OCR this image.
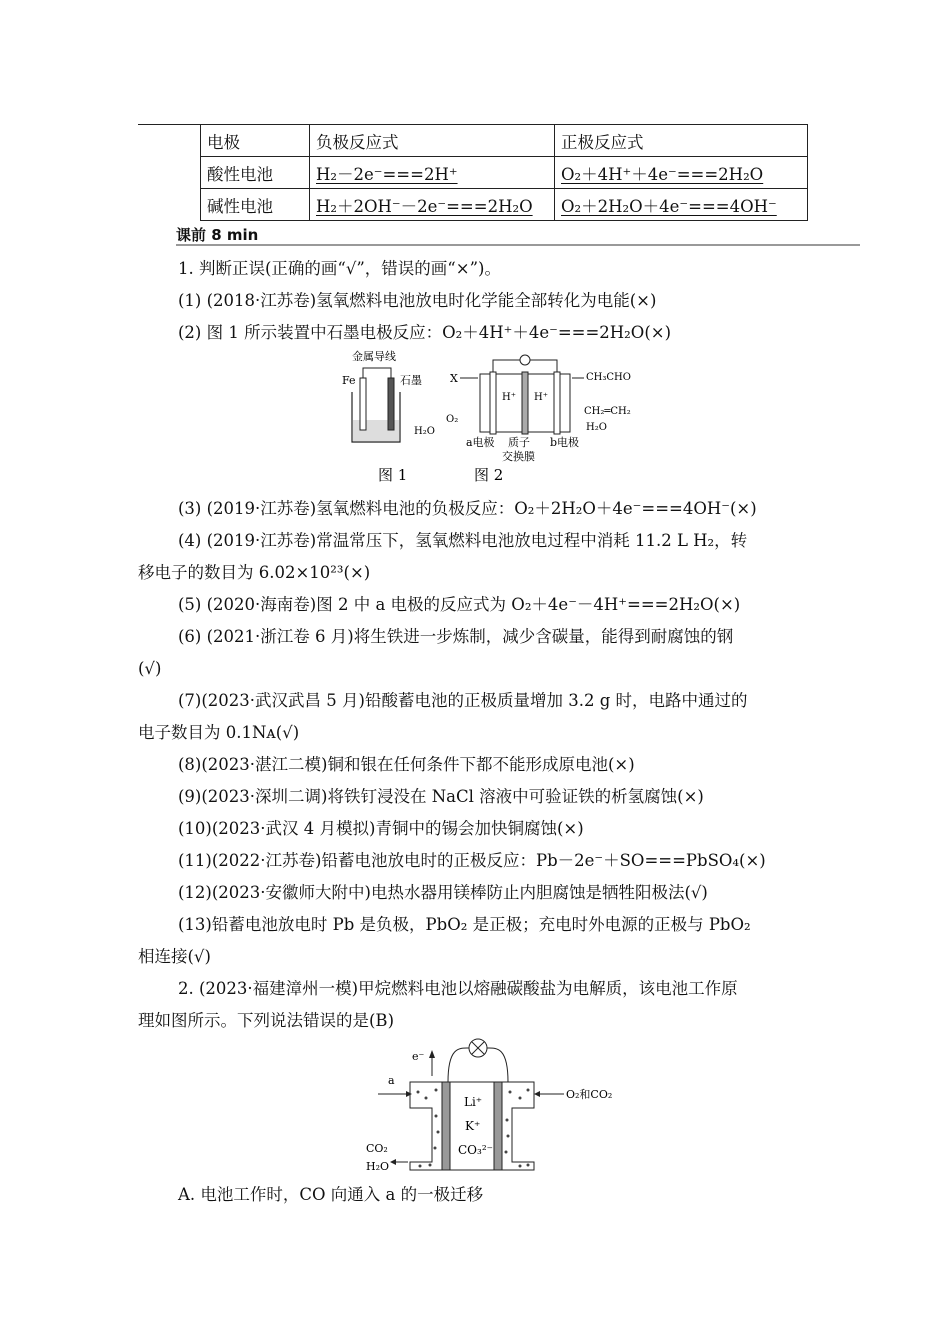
	电极	负极反应式	正极反应式
	酸性电池	H₂－2e⁻===2H⁺	O₂＋4H⁺＋4e⁻===2H₂O
	碱性电池	H₂＋2OH⁻－2e⁻===2H₂O	O₂＋2H₂O＋4e⁻===4OH⁻
课前 8 min
1. 判断正误(正确的画“√”，错误的画“×”)。
(1) (2018·江苏卷)氢氧燃料电池放电时化学能全部转化为电能(×)
(2) 图 1 所示装置中石墨电极反应：O₂＋4H⁺＋4e⁻===2H₂O(×)
金属导线
Fe	石墨
H₂O
X
O₂
CH₃CHO
CH₂═CH₂
H₂O
H⁺ H⁺
a电极 质子
交换膜
b电极
图 1	图 2
(3) (2019·江苏卷)氢氧燃料电池的负极反应：O₂＋2H₂O＋4e⁻===4OH⁻(×)
(4) (2019·江苏卷)常温常压下，氢氧燃料电池放电过程中消耗 11.2 L H₂，转
移电子的数目为 6.02×10²³(×)
(5) (2020·海南卷)图 2 中 a 电极的反应式为 O₂＋4e⁻－4H⁺===2H₂O(×)
(6) (2021·浙江卷 6 月)将生铁进一步炼制，减少含碳量，能得到耐腐蚀的钢
(√)
(7)(2023·武汉武昌 5 月)铅酸蓄电池的正极质量增加 3.2 g 时，电路中通过的
电子数目为 0.1Nᴀ(√)
(8)(2023·湛江二模)铜和银在任何条件下都不能形成原电池(×)
(9)(2023·深圳二调)将铁钉浸没在 NaCl 溶液中可验证铁的析氢腐蚀(×)
(10)(2023·武汉 4 月模拟)青铜中的锡会加快铜腐蚀(×)
(11)(2022·江苏卷)铅蓄电池放电时的正极反应：Pb－2e⁻＋SO===PbSO₄(×)
(12)(2023·安徽师大附中)电热水器用镁棒防止内胆腐蚀是牺牲阳极法(√)
(13)铅蓄电池放电时 Pb 是负极，PbO₂ 是正极；充电时外电源的正极与 PbO₂
相连接(√)
2. (2023·福建漳州一模)甲烷燃料电池以熔融碳酸盐为电解质，该电池工作原
理如图所示。下列说法错误的是(B)
e⁻
a
O₂和CO₂
CO₂
H₂O
Li⁺
K⁺
CO₃²⁻
A. 电池工作时，CO 向通入 a 的一极迁移
